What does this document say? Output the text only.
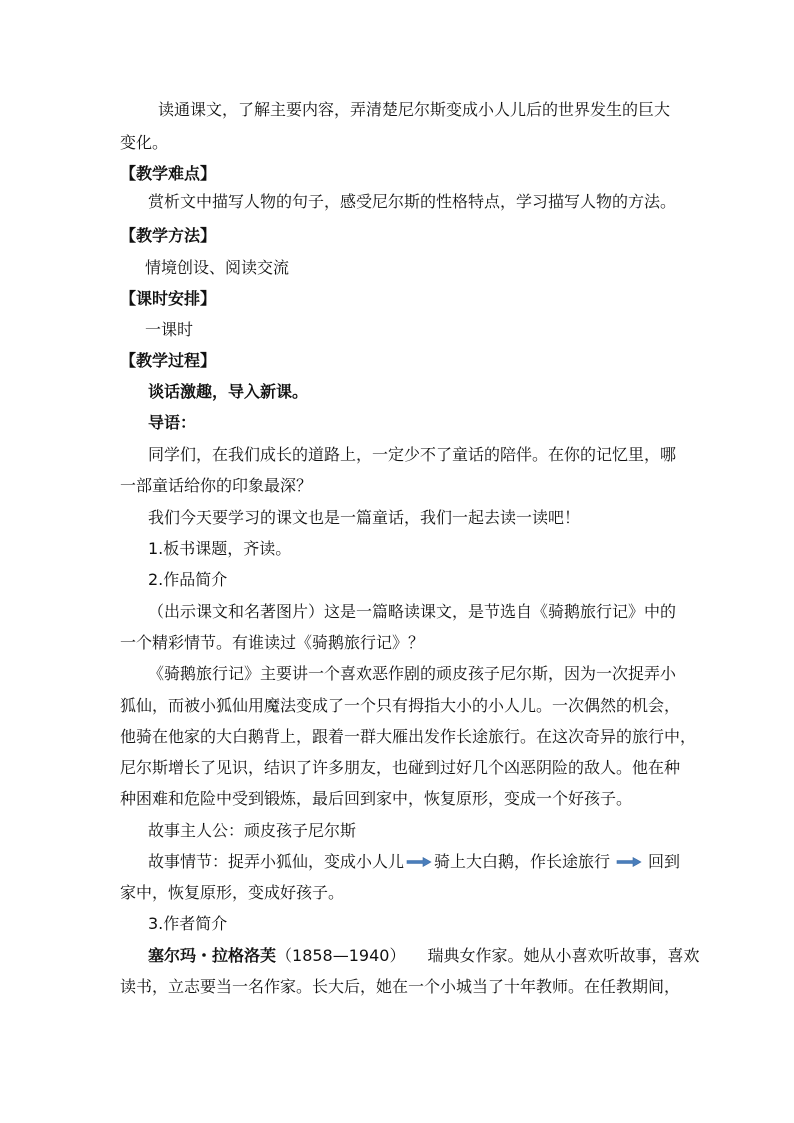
读通课文，了解主要内容，弄清楚尼尔斯变成小人儿后的世界发生的巨大
变化。
【教学难点】
赏析文中描写人物的句子，感受尼尔斯的性格特点，学习描写人物的方法。
【教学方法】
情境创设、阅读交流
【课时安排】
一课时
【教学过程】
谈话激趣，导入新课。
导语：
同学们，在我们成长的道路上，一定少不了童话的陪伴。在你的记忆里，哪
一部童话给你的印象最深？
我们今天要学习的课文也是一篇童话，我们一起去读一读吧！
1.板书课题，齐读。
2.作品简介
（出示课文和名著图片）这是一篇略读课文，是节选自《骑鹅旅行记》中的
一个精彩情节。有谁读过《骑鹅旅行记》？
《骑鹅旅行记》主要讲一个喜欢恶作剧的顽皮孩子尼尔斯，因为一次捉弄小
狐仙，而被小狐仙用魔法变成了一个只有拇指大小的小人儿。一次偶然的机会，
他骑在他家的大白鹅背上，跟着一群大雁出发作长途旅行。在这次奇异的旅行中，
尼尔斯增长了见识，结识了许多朋友，也碰到过好几个凶恶阴险的敌人。他在种
种困难和危险中受到锻炼，最后回到家中，恢复原形，变成一个好孩子。
故事主人公：顽皮孩子尼尔斯
故事情节：捉弄小狐仙，变成小人儿 骑上大白鹅，作长途旅行 回到
家中，恢复原形，变成好孩子。
3.作者简介
塞尔玛・拉格洛芙（1858—1940） 瑞典女作家。她从小喜欢听故事，喜欢
读书，立志要当一名作家。长大后，她在一个小城当了十年教师。在任教期间，
